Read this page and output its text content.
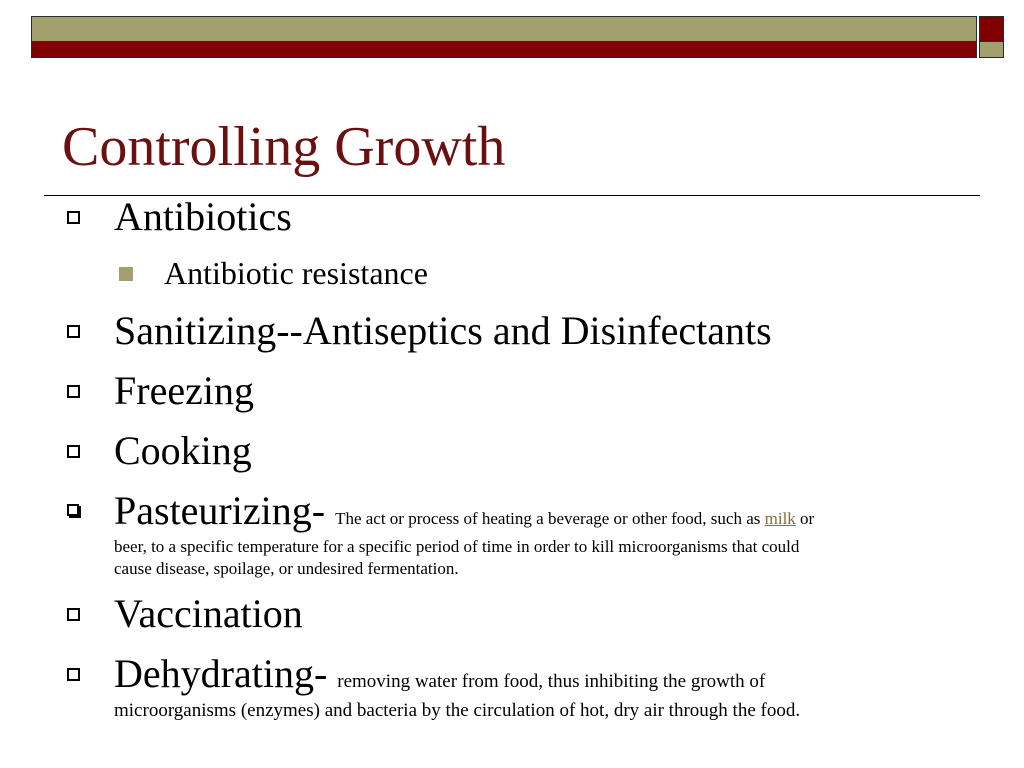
Controlling Growth
Antibiotics
Antibiotic resistance
Sanitizing--Antiseptics and Disinfectants
Freezing
Cooking
Pasteurizing- The act or process of heating a beverage or other food, such as milk or
beer, to a specific temperature for a specific period of time in order to kill microorganisms that could
cause disease, spoilage, or undesired fermentation.
Vaccination
Dehydrating- removing water from food, thus inhibiting the growth of
microorganisms (enzymes) and bacteria by the circulation of hot, dry air through the food.
